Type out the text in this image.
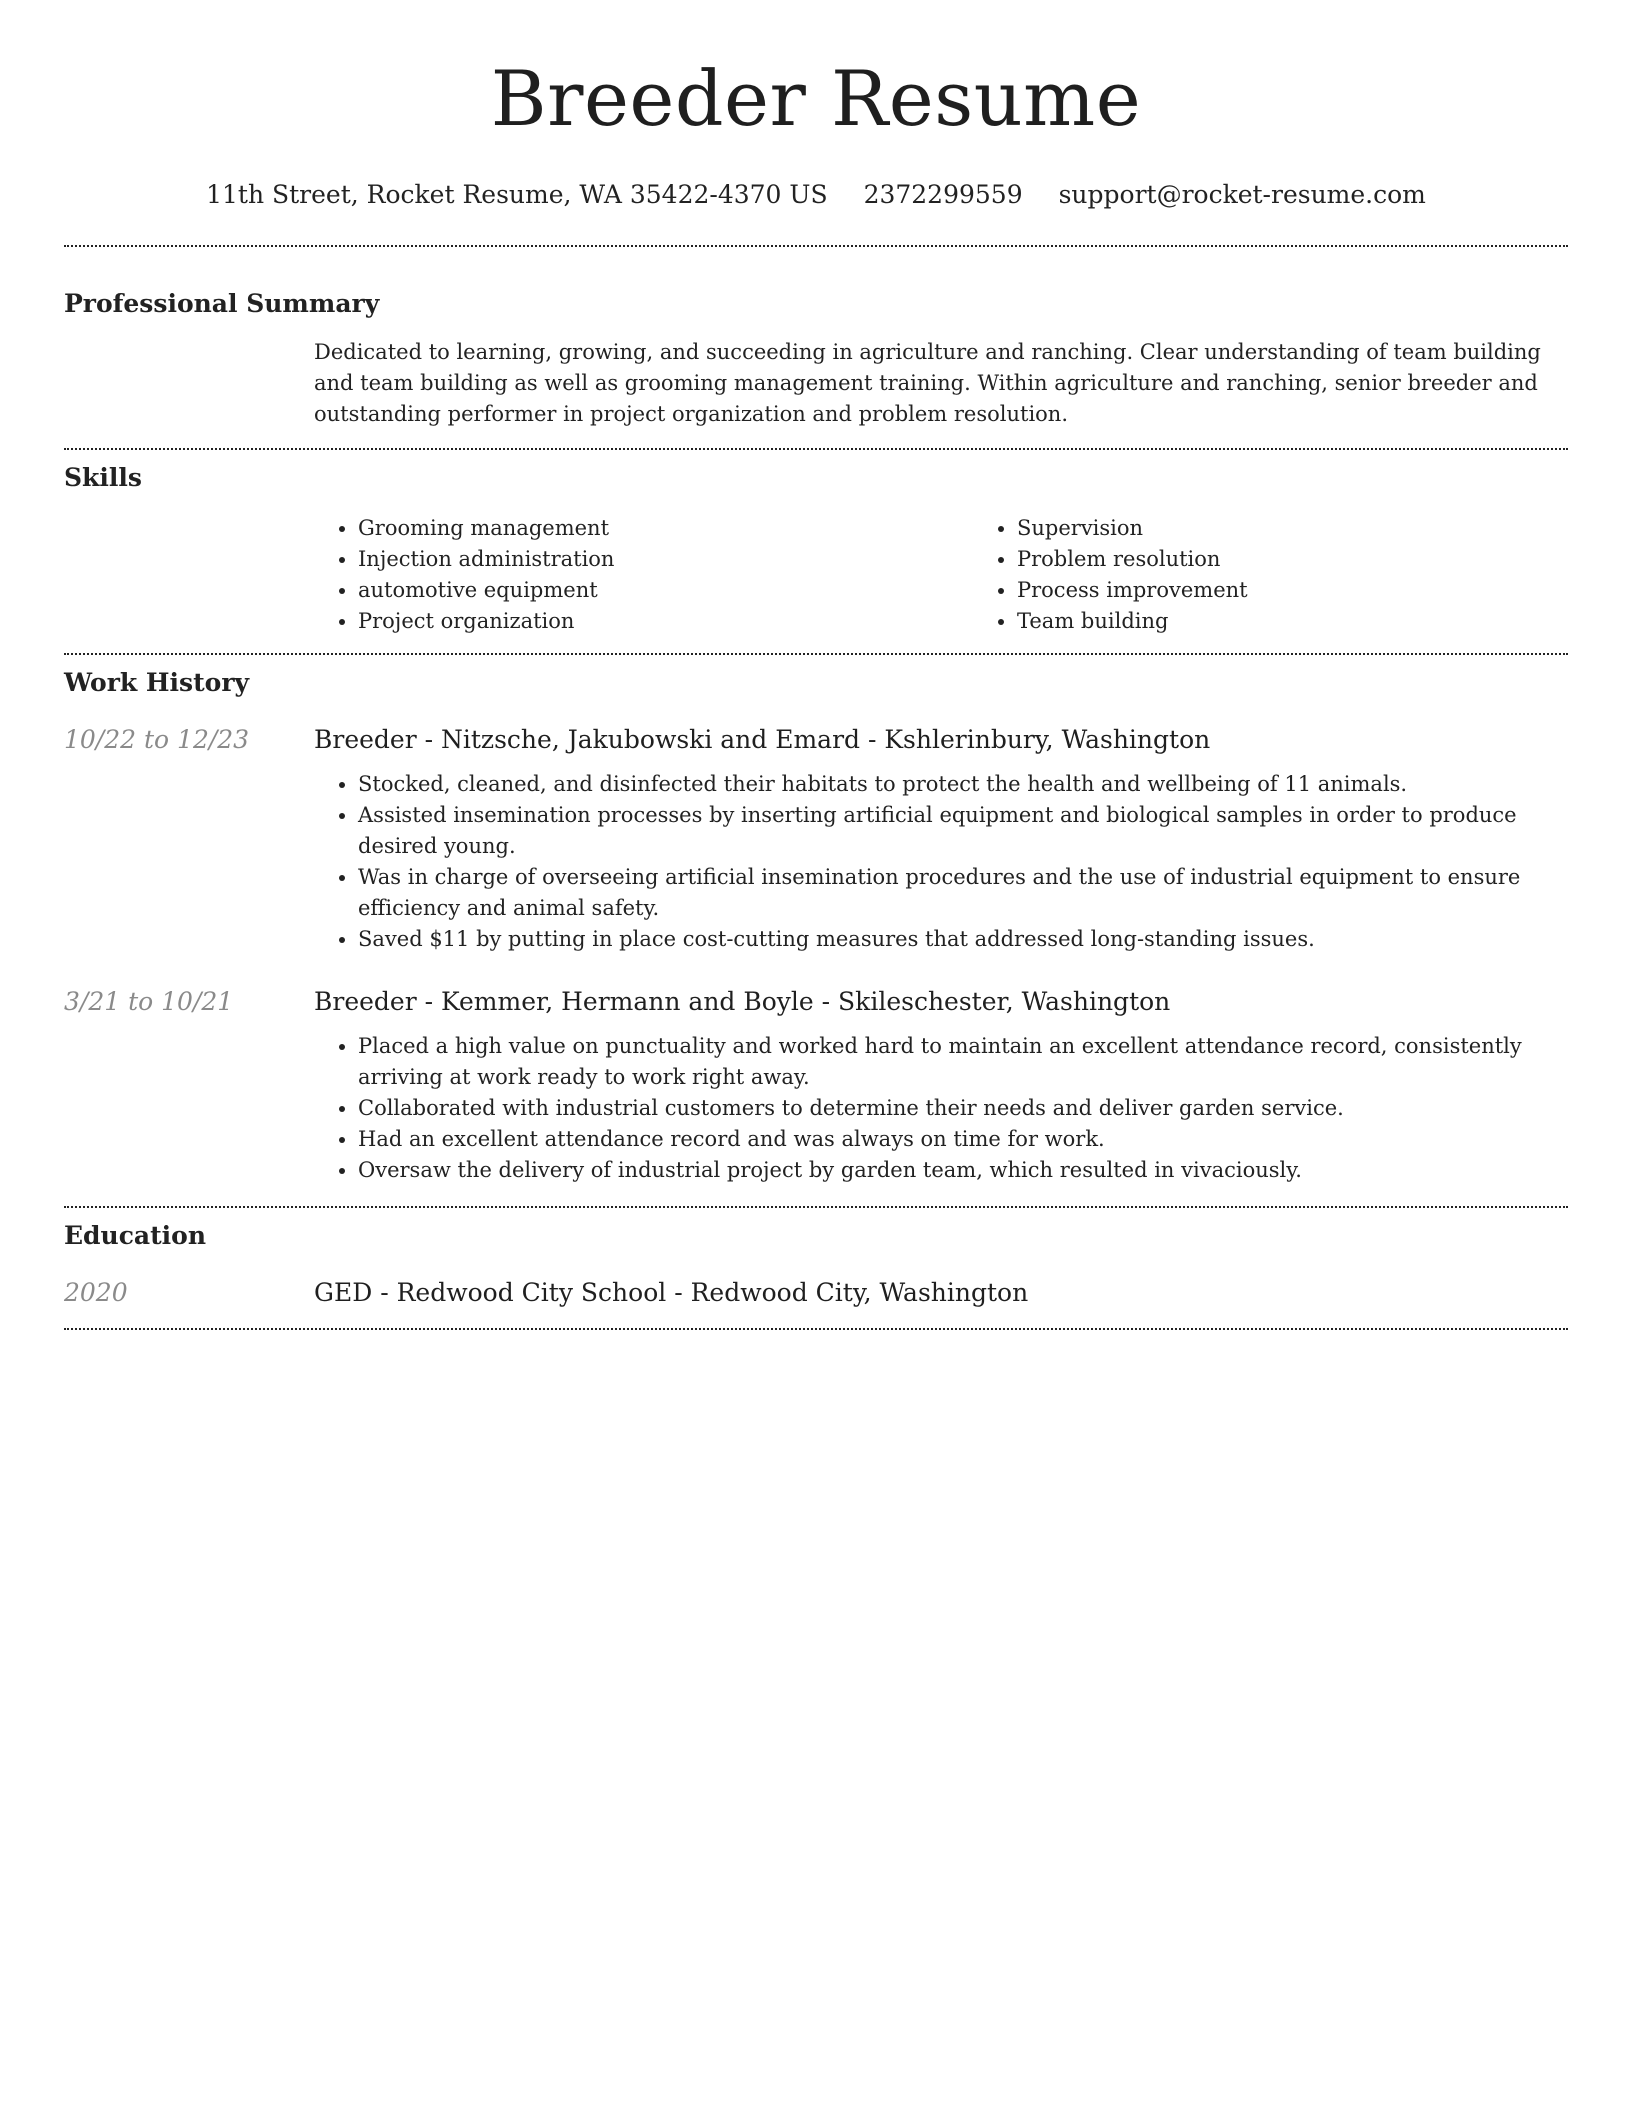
Breeder Resume
11th Street, Rocket Resume, WA 35422-4370 US 2372299559 support@rocket-resume.com
Professional Summary

Dedicated to learning, growing, and succeeding in agriculture and ranching. Clear understanding of team building and team building as well as grooming management training. Within agriculture and ranching, senior breeder and outstanding performer in project organization and problem resolution.

Skills
• Grooming management
• Injection administration
• automotive equipment
• Project organization
• Supervision
• Problem resolution
• Process improvement
• Team building
Work History
10/22 to 12/23	Breeder - Nitzsche, Jakubowski and Emard - Kshlerinbury, Washington
• Stocked, cleaned, and disinfected their habitats to protect the health and wellbeing of 11 animals.
• Assisted insemination processes by inserting artificial equipment and biological samples in order to produce desired young.
• Was in charge of overseeing artificial insemination procedures and the use of industrial equipment to ensure efficiency and animal safety.
• Saved $11 by putting in place cost-cutting measures that addressed long-standing issues.
3/21 to 10/21	Breeder - Kemmer, Hermann and Boyle - Skileschester, Washington
• Placed a high value on punctuality and worked hard to maintain an excellent attendance record, consistently arriving at work ready to work right away.
• Collaborated with industrial customers to determine their needs and deliver garden service.
• Had an excellent attendance record and was always on time for work.
• Oversaw the delivery of industrial project by garden team, which resulted in vivaciously.
Education
2020	GED - Redwood City School - Redwood City, Washington
